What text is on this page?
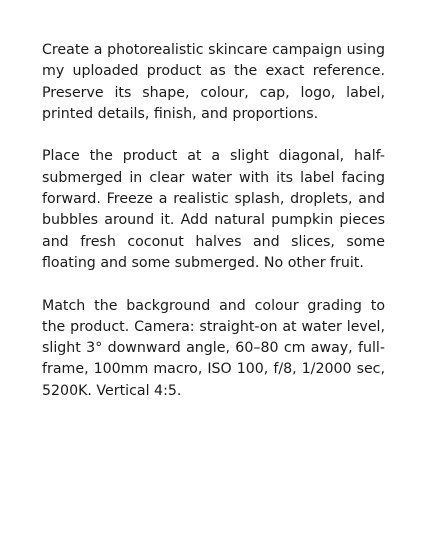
Create a photorealistic skincare campaign using my uploaded product as the exact reference. Preserve its shape, colour, cap, logo, label, printed details, finish, and proportions.

Place the product at a slight diagonal, half-submerged in clear water with its label facing forward. Freeze a realistic splash, droplets, and bubbles around it. Add natural pumpkin pieces and fresh coconut halves and slices, some floating and some submerged. No other fruit.

Match the background and colour grading to the product. Camera: straight-on at water level, slight 3° downward angle, 60–80 cm away, full-frame, 100mm macro, ISO 100, f/8, 1/2000 sec, 5200K. Vertical 4:5.
